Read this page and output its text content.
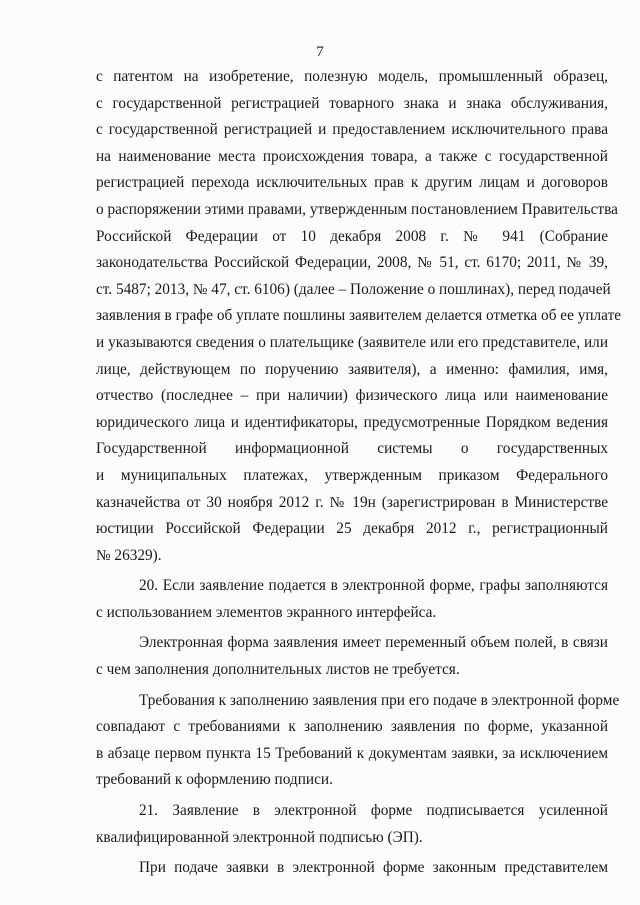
7
с патентом на изобретение, полезную модель, промышленный образец,
с государственной регистрацией товарного знака и знака обслуживания,
с государственной регистрацией и предоставлением исключительного права
на наименование места происхождения товара, а также с государственной
регистрацией перехода исключительных прав к другим лицам и договоров
о распоряжении этими правами, утвержденным постановлением Правительства
Российской Федерации от 10 декабря 2008 г. № 941 (Собрание
законодательства Российской Федерации, 2008, № 51, ст. 6170; 2011, № 39,
ст. 5487; 2013, № 47, ст. 6106) (далее – Положение о пошлинах), перед подачей
заявления в графе об уплате пошлины заявителем делается отметка об ее уплате
и указываются сведения о плательщике (заявителе или его представителе, или
лице, действующем по поручению заявителя), а именно: фамилия, имя,
отчество (последнее – при наличии) физического лица или наименование
юридического лица и идентификаторы, предусмотренные Порядком ведения
Государственной информационной системы о государственных
и муниципальных платежах, утвержденным приказом Федерального
казначейства от 30 ноября 2012 г. № 19н (зарегистрирован в Министерстве
юстиции Российской Федерации 25 декабря 2012 г., регистрационный
№ 26329).
20. Если заявление подается в электронной форме, графы заполняются
с использованием элементов экранного интерфейса.
Электронная форма заявления имеет переменный объем полей, в связи
с чем заполнения дополнительных листов не требуется.
Требования к заполнению заявления при его подаче в электронной форме
совпадают с требованиями к заполнению заявления по форме, указанной
в абзаце первом пункта 15 Требований к документам заявки, за исключением
требований к оформлению подписи.
21. Заявление в электронной форме подписывается усиленной
квалифицированной электронной подписью (ЭП).
При подаче заявки в электронной форме законным представителем
